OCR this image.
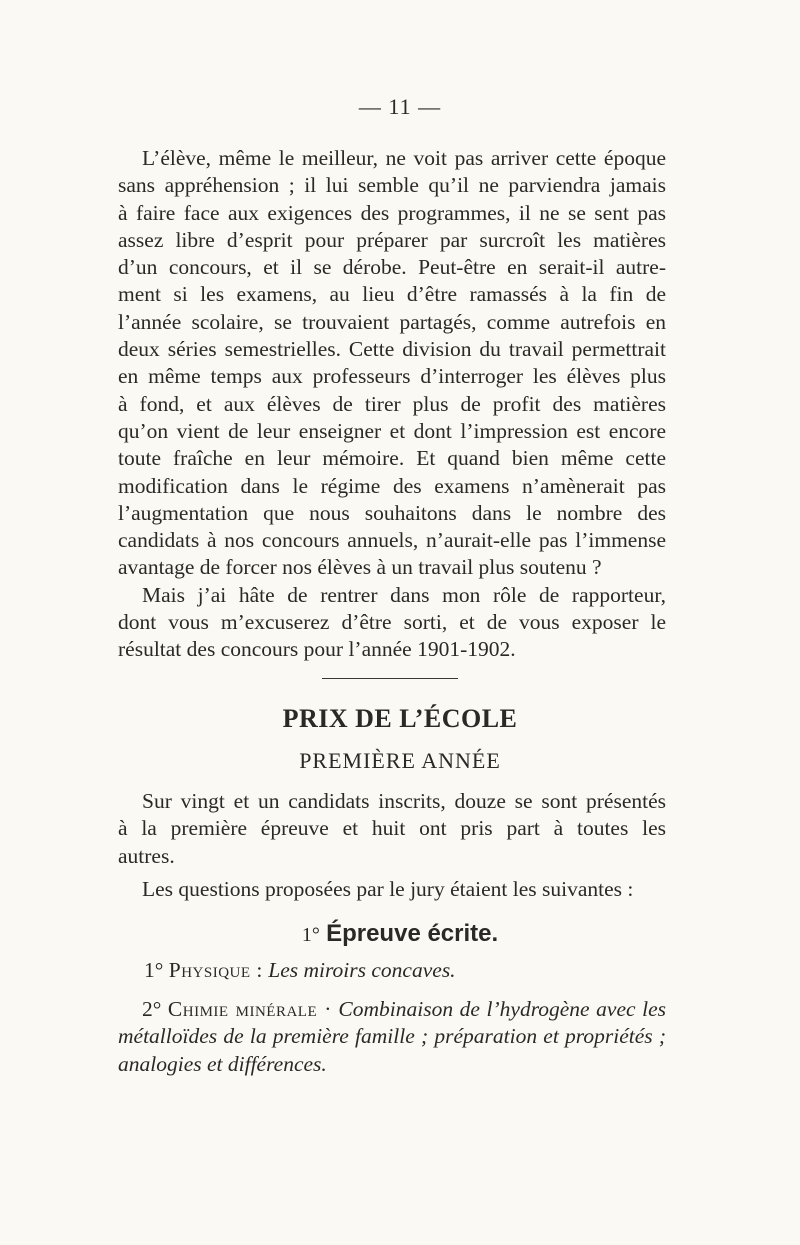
— 11 —
L’élève, même le meilleur, ne voit pas arriver cette époque
sans appréhension ; il lui semble qu’il ne parviendra jamais
à faire face aux exigences des programmes, il ne se sent pas
assez libre d’esprit pour préparer par surcroît les matières
d’un concours, et il se dérobe. Peut-être en serait-il autre-
ment si les examens, au lieu d’être ramassés à la fin de
l’année scolaire, se trouvaient partagés, comme autrefois en
deux séries semestrielles. Cette division du travail permettrait
en même temps aux professeurs d’interroger les élèves plus
à fond, et aux élèves de tirer plus de profit des matières
qu’on vient de leur enseigner et dont l’impression est encore
toute fraîche en leur mémoire. Et quand bien même cette
modification dans le régime des examens n’amènerait pas
l’augmentation que nous souhaitons dans le nombre des
candidats à nos concours annuels, n’aurait-elle pas l’immense
avantage de forcer nos élèves à un travail plus soutenu ?
Mais j’ai hâte de rentrer dans mon rôle de rapporteur,
dont vous m’excuserez d’être sorti, et de vous exposer le
résultat des concours pour l’année 1901-1902.
PRIX DE L’ÉCOLE
PREMIÈRE ANNÉE
Sur vingt et un candidats inscrits, douze se sont présentés
à la première épreuve et huit ont pris part à toutes les
autres.
Les questions proposées par le jury étaient les suivantes :
1° Épreuve écrite.
1° Physique : Les miroirs concaves.
2° Chimie minérale · Combinaison de l’hydrogène avec les
métalloïdes de la première famille ; préparation et propriétés ;
analogies et différences.
